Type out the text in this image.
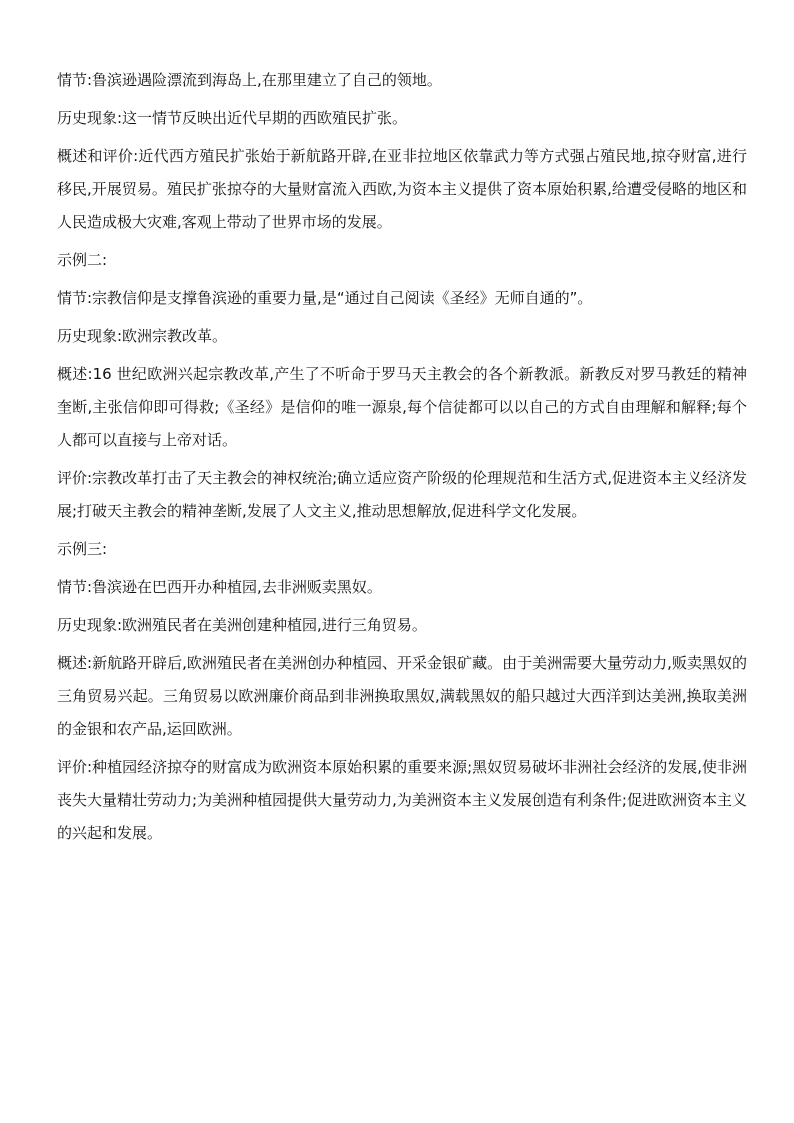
情节:鲁滨逊遇险漂流到海岛上,在那里建立了自己的领地。

历史现象:这一情节反映出近代早期的西欧殖民扩张。

概述和评价:近代西方殖民扩张始于新航路开辟,在亚非拉地区依靠武力等方式强占殖民地,掠夺财富,进行移民,开展贸易。殖民扩张掠夺的大量财富流入西欧,为资本主义提供了资本原始积累,给遭受侵略的地区和人民造成极大灾难,客观上带动了世界市场的发展。

示例二:

情节:宗教信仰是支撑鲁滨逊的重要力量,是“通过自己阅读《圣经》无师自通的”。

历史现象:欧洲宗教改革。

概述:16 世纪欧洲兴起宗教改革,产生了不听命于罗马天主教会的各个新教派。新教反对罗马教廷的精神奎断,主张信仰即可得救;《圣经》是信仰的唯一源泉,每个信徒都可以以自己的方式自由理解和解释;每个人都可以直接与上帝对话。

评价:宗教改革打击了天主教会的神权统治;确立适应资产阶级的伦理规范和生活方式,促进资本主义经济发展;打破天主教会的精神垄断,发展了人文主义,推动思想解放,促进科学文化发展。

示例三:

情节:鲁滨逊在巴西开办种植园,去非洲贩卖黑奴。

历史现象:欧洲殖民者在美洲创建种植园,进行三角贸易。

概述:新航路开辟后,欧洲殖民者在美洲创办种植园、开采金银矿藏。由于美洲需要大量劳动力,贩卖黑奴的三角贸易兴起。三角贸易以欧洲廉价商品到非洲换取黑奴,满载黑奴的船只越过大西洋到达美洲,换取美洲的金银和农产品,运回欧洲。

评价:种植园经济掠夺的财富成为欧洲资本原始积累的重要来源;黑奴贸易破坏非洲社会经济的发展,使非洲丧失大量精壮劳动力;为美洲种植园提供大量劳动力,为美洲资本主义发展创造有利条件;促进欧洲资本主义的兴起和发展。
